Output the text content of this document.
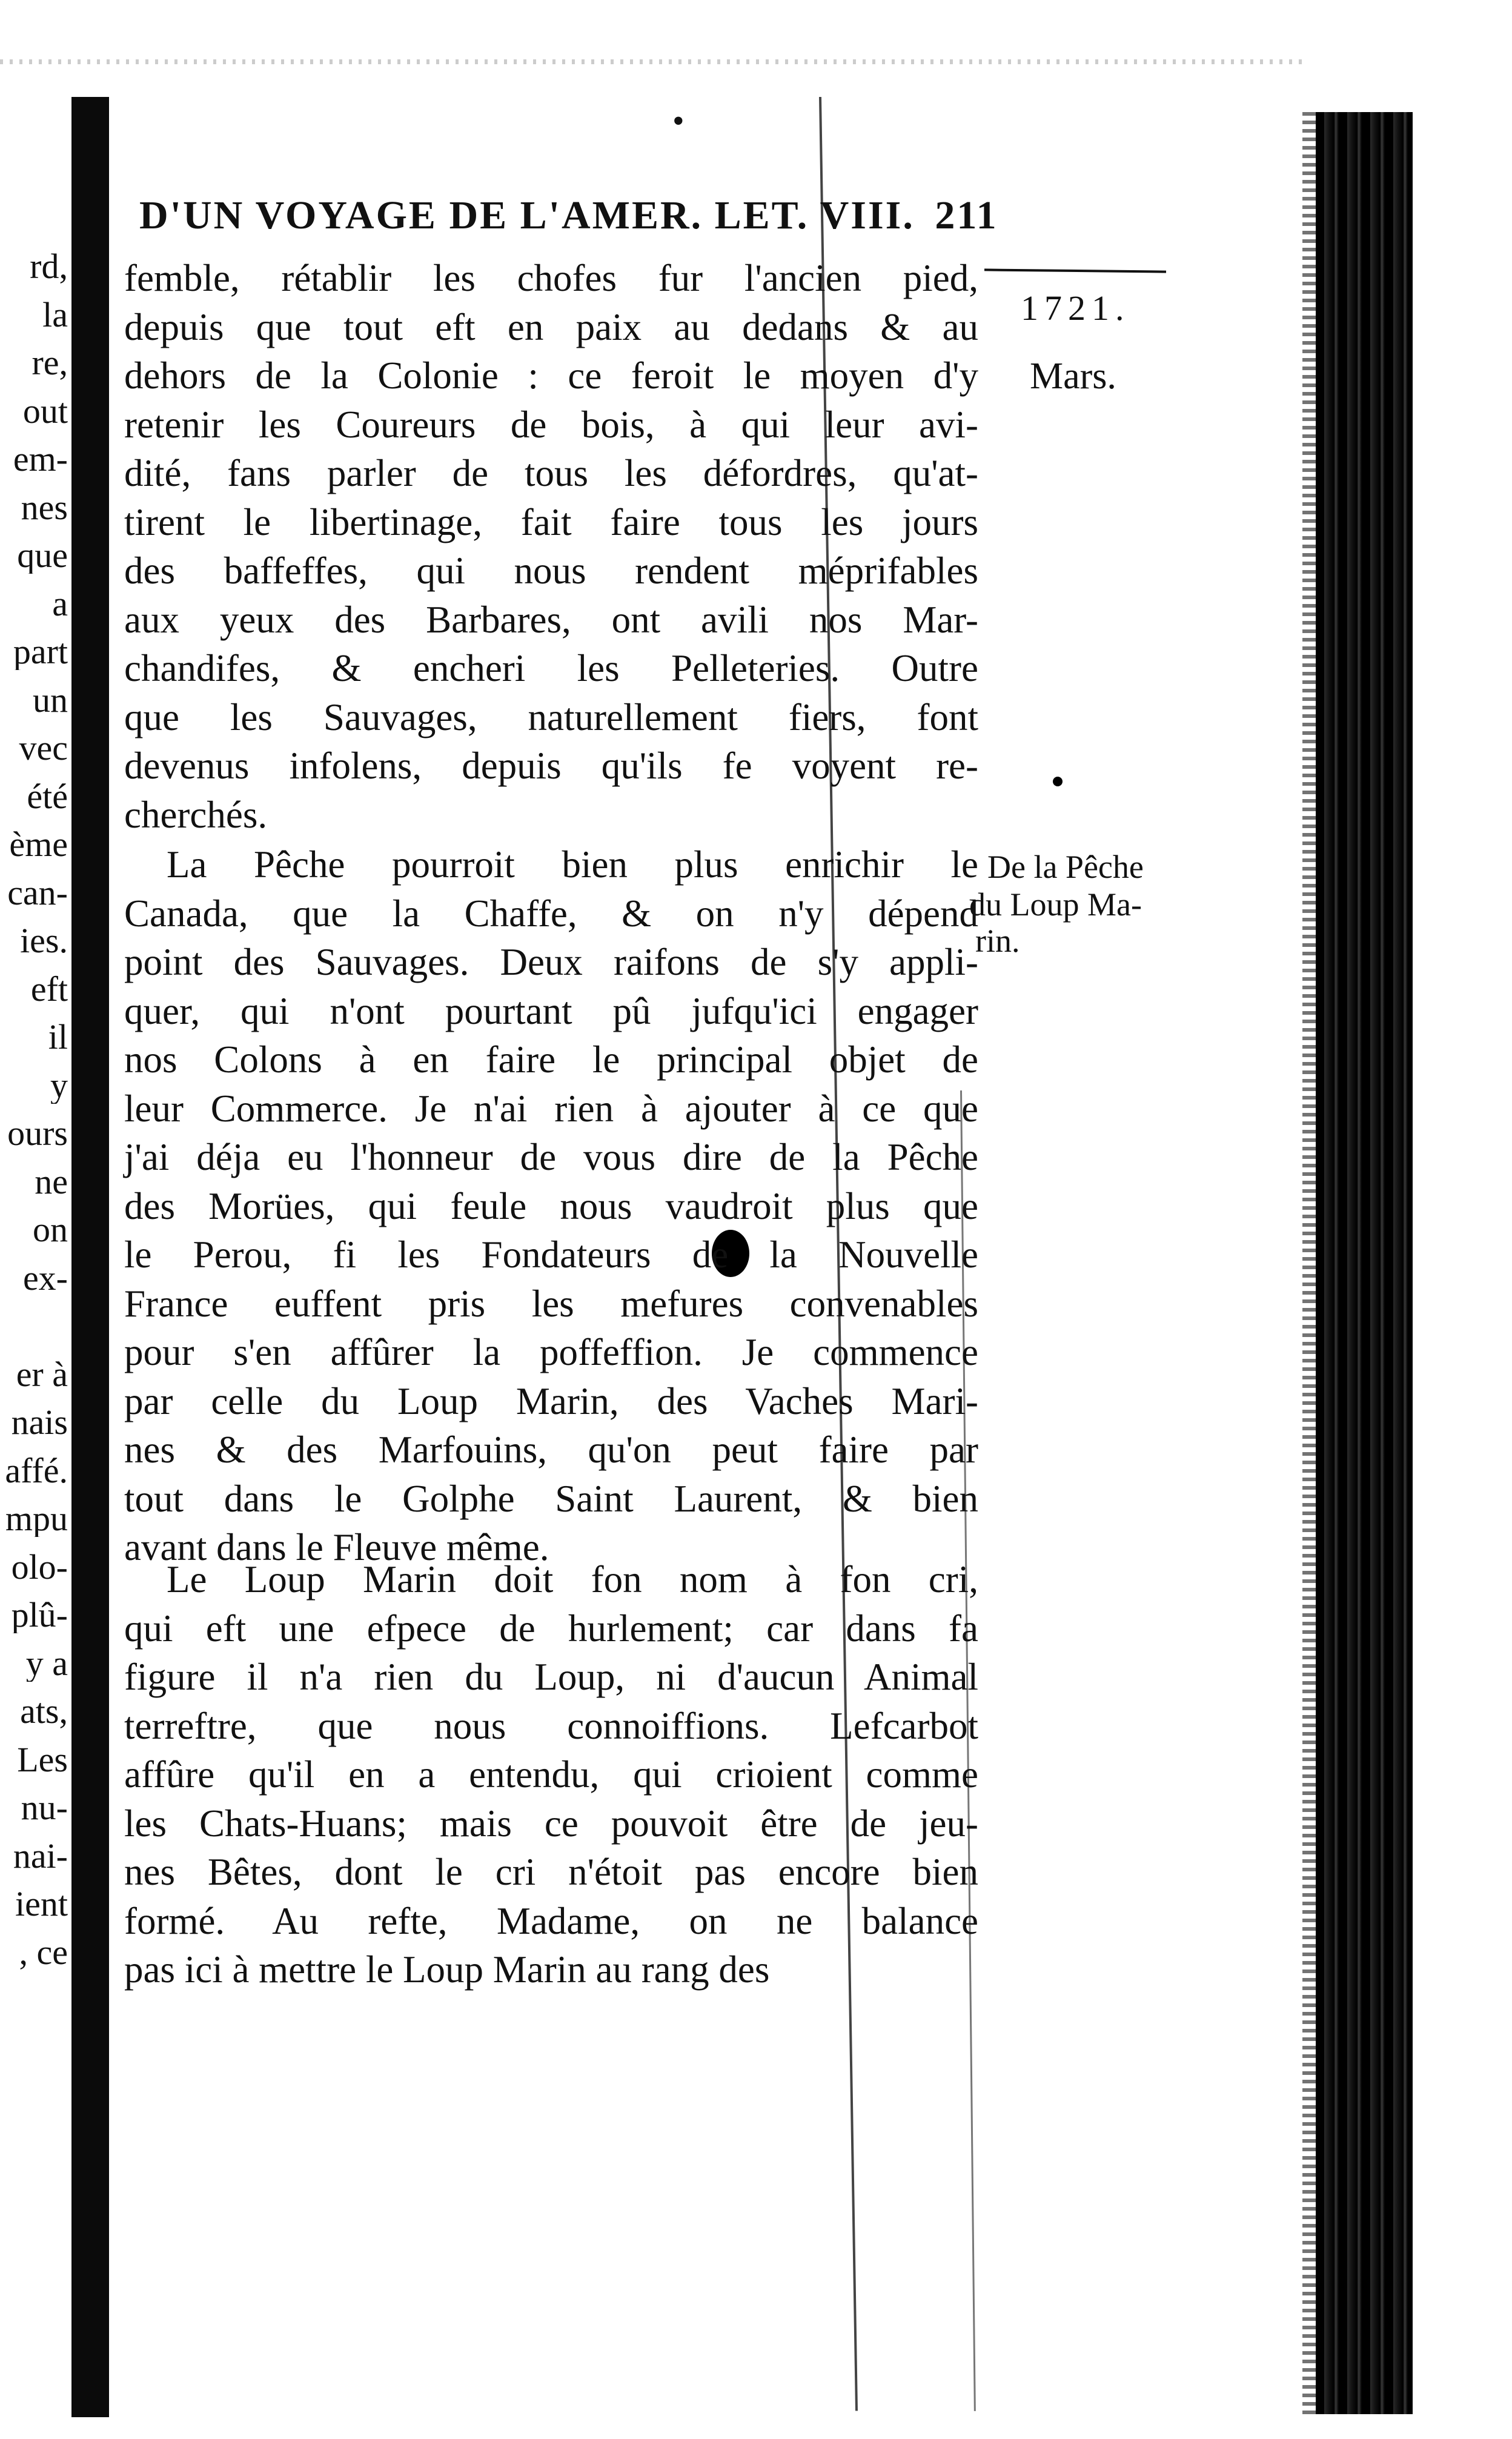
•
rd,
la
re,
out
em-
nes
que
a
part
un
vec
été
ème
can-
ies.
eft
il
y
ours
ne
on
ex-
er à
nais
affé.
mpu
olo-
plû-
y a
ats,
Les
nu-
nai-
ient
, ce
D'UN VOYAGE DE L'AMER. LET. VIII. 211
1721.
Mars.
De la Pêche
du Loup Ma-
rin.
femble, rétablir les chofes fur l'ancien pied,
depuis que tout eft en paix au dedans & au
dehors de la Colonie : ce feroit le moyen d'y
retenir les Coureurs de bois, à qui leur avi-
dité, fans parler de tous les défordres, qu'at-
tirent le libertinage, fait faire tous les jours
des baffeffes, qui nous rendent méprifables
aux yeux des Barbares, ont avili nos Mar-
chandifes, & encheri les Pelleteries. Outre
que les Sauvages, naturellement fiers, font
devenus infolens, depuis qu'ils fe voyent re-
cherchés.
La Pêche pourroit bien plus enrichir le
Canada, que la Chaffe, & on n'y dépend
point des Sauvages. Deux raifons de s'y appli-
quer, qui n'ont pourtant pû jufqu'ici engager
nos Colons à en faire le principal objet de
leur Commerce. Je n'ai rien à ajouter à ce que
j'ai déja eu l'honneur de vous dire de la Pêche
des Morües, qui feule nous vaudroit plus que
le Perou, fi les Fondateurs de la Nouvelle
France euffent pris les mefures convenables
pour s'en affûrer la poffeffion. Je commence
par celle du Loup Marin, des Vaches Mari-
nes & des Marfouins, qu'on peut faire par
tout dans le Golphe Saint Laurent, & bien
avant dans le Fleuve même.
Le Loup Marin doit fon nom à fon cri,
qui eft une efpece de hurlement; car dans fa
figure il n'a rien du Loup, ni d'aucun Animal
terreftre, que nous connoiffions. Lefcarbot
affûre qu'il en a entendu, qui crioient comme
les Chats-Huans; mais ce pouvoit être de jeu-
nes Bêtes, dont le cri n'étoit pas encore bien
formé. Au refte, Madame, on ne balance
pas ici à mettre le Loup Marin au rang des
